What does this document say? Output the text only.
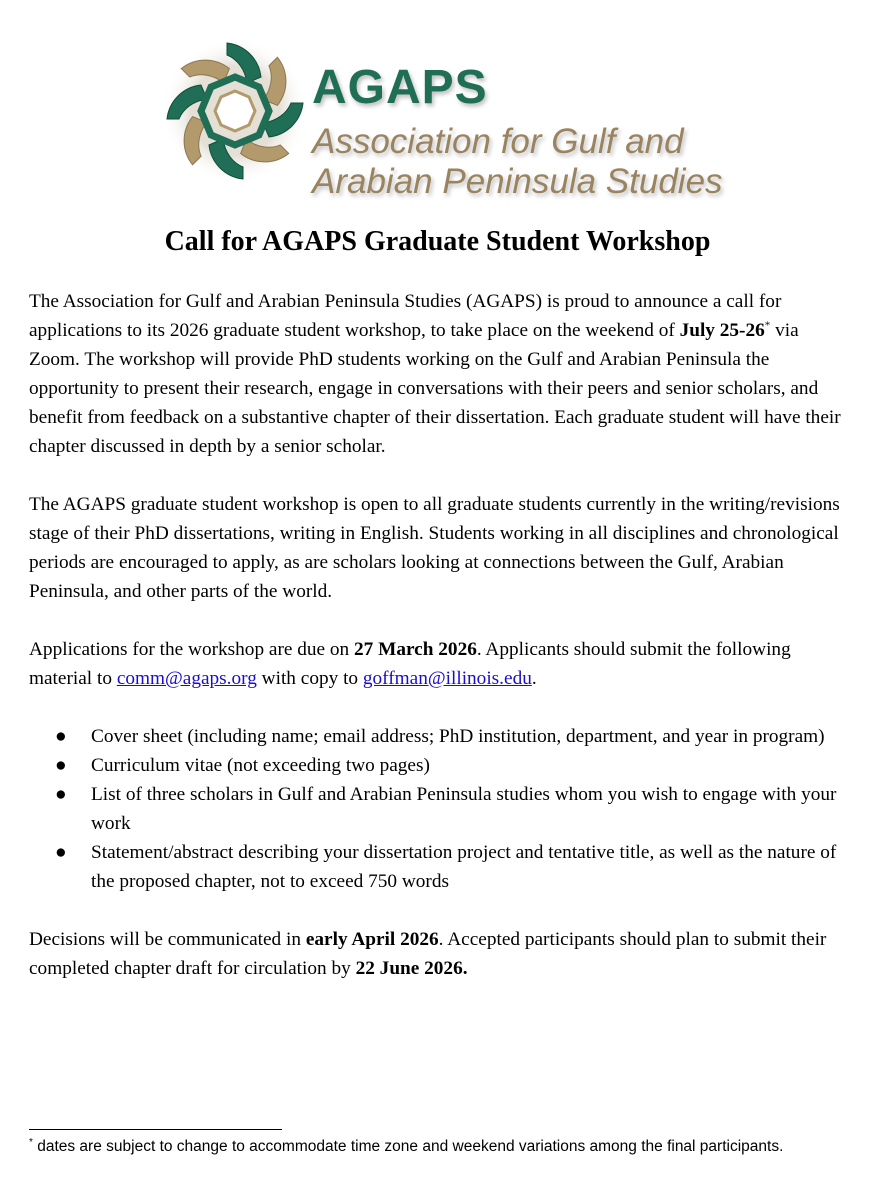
AGAPS
Association for Gulf and
Arabian Peninsula Studies
Call for AGAPS Graduate Student Workshop

The Association for Gulf and Arabian Peninsula Studies (AGAPS) is proud to announce a call for applications to its 2026 graduate student workshop, to take place on the weekend of July 25-26* via Zoom. The workshop will provide PhD students working on the Gulf and Arabian Peninsula the opportunity to present their research, engage in conversations with their peers and senior scholars, and benefit from feedback on a substantive chapter of their dissertation. Each graduate student will have their chapter discussed in depth by a senior scholar.

The AGAPS graduate student workshop is open to all graduate students currently in the writing/revisions stage of their PhD dissertations, writing in English. Students working in all disciplines and chronological periods are encouraged to apply, as are scholars looking at connections between the Gulf, Arabian Peninsula, and other parts of the world.

Applications for the workshop are due on 27 March 2026. Applicants should submit the following material to comm@agaps.org with copy to goffman@illinois.edu.

● Cover sheet (including name; email address; PhD institution, department, and year in program)
● Curriculum vitae (not exceeding two pages)
● List of three scholars in Gulf and Arabian Peninsula studies whom you wish to engage with your work
● Statement/abstract describing your dissertation project and tentative title, as well as the nature of the proposed chapter, not to exceed 750 words

Decisions will be communicated in early April 2026. Accepted participants should plan to submit their completed chapter draft for circulation by 22 June 2026.

* dates are subject to change to accommodate time zone and weekend variations among the final participants.
